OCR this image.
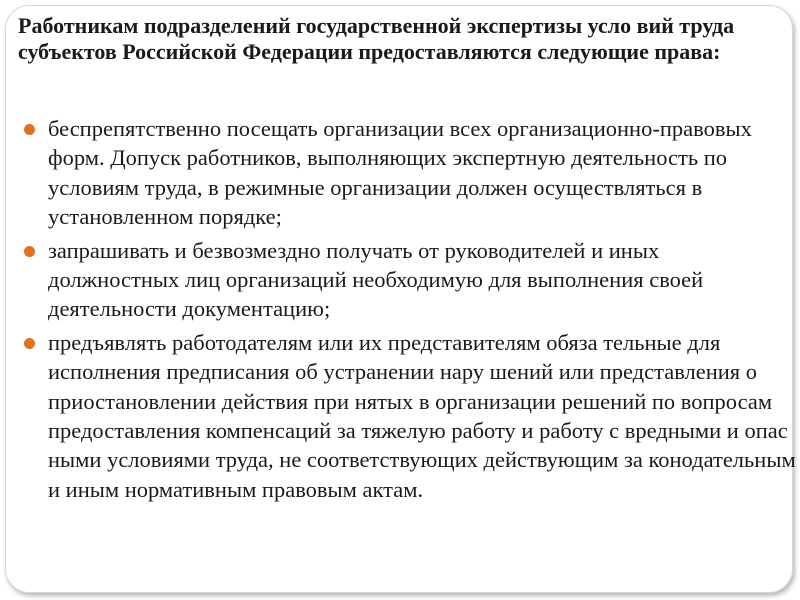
Работникам подразделений государственной экспертизы усло вий труда субъектов Российской Федерации предоставляются следующие права:
беспрепятственно посещать организации всех организационно-правовых форм. Допуск работников, выполняющих экспертную деятельность по условиям труда, в режимные организации должен осуществляться в установленном порядке;
запрашивать и безвозмездно получать от руководителей и иных должностных лиц организаций необходимую для выполнения своей деятельности документацию;
предъявлять работодателям или их представителям обяза тельные для исполнения предписания об устранении нару шений или представления о приостановлении действия при нятых в организации решений по вопросам предоставления компенсаций за тяжелую работу и работу с вредными и опас ными условиями труда, не соответствующих действующим за конодательным и иным нормативным правовым актам.
